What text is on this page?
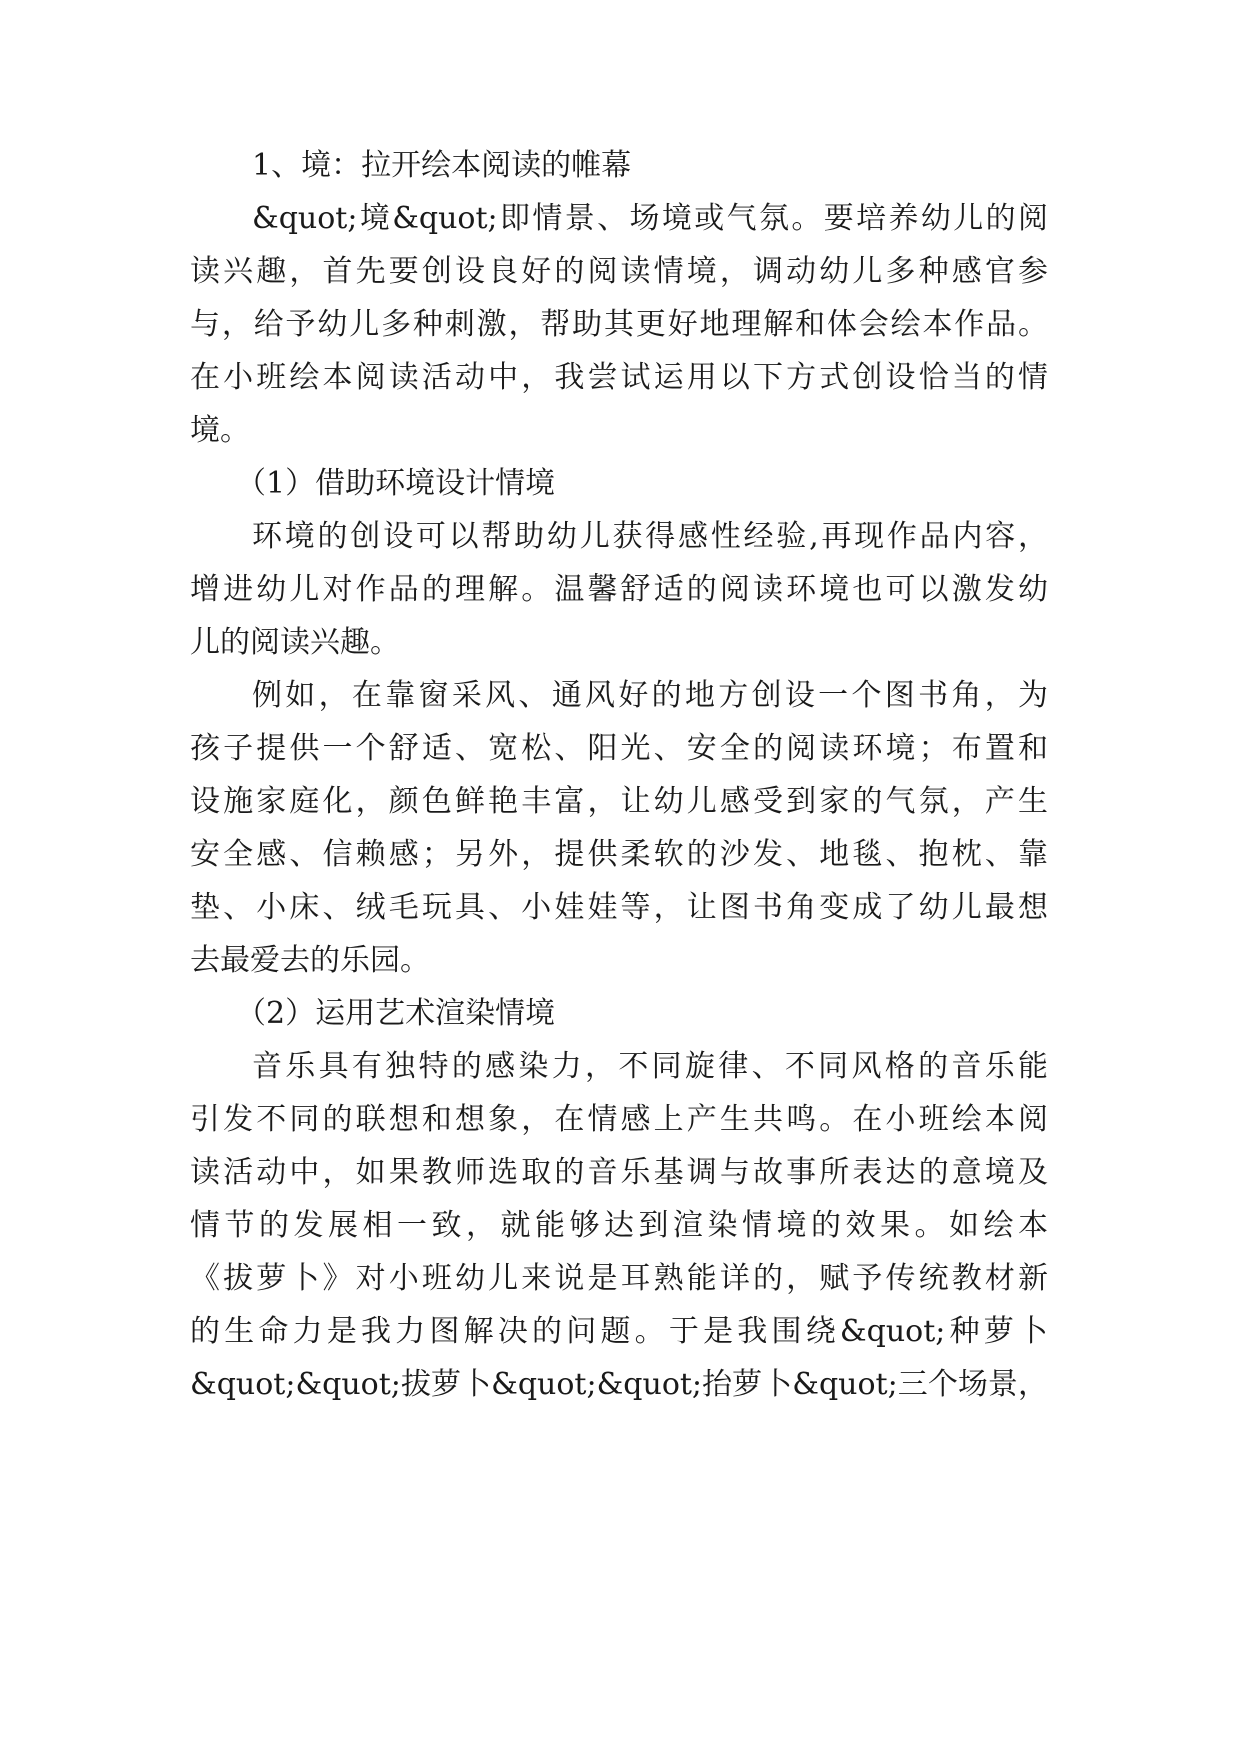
1、境：拉开绘本阅读的帷幕
&quot;境&quot;即情景、场境或气氛。要培养幼儿的阅
读兴趣，首先要创设良好的阅读情境，调动幼儿多种感官参
与，给予幼儿多种刺激，帮助其更好地理解和体会绘本作品。
在小班绘本阅读活动中，我尝试运用以下方式创设恰当的情
境。
（1）借助环境设计情境
环境的创设可以帮助幼儿获得感性经验,再现作品内容，
增进幼儿对作品的理解。温馨舒适的阅读环境也可以激发幼
儿的阅读兴趣。
例如，在靠窗采风、通风好的地方创设一个图书角，为
孩子提供一个舒适、宽松、阳光、安全的阅读环境；布置和
设施家庭化，颜色鲜艳丰富，让幼儿感受到家的气氛，产生
安全感、信赖感；另外，提供柔软的沙发、地毯、抱枕、靠
垫、小床、绒毛玩具、小娃娃等，让图书角变成了幼儿最想
去最爱去的乐园。
（2）运用艺术渲染情境
音乐具有独特的感染力，不同旋律、不同风格的音乐能
引发不同的联想和想象，在情感上产生共鸣。在小班绘本阅
读活动中，如果教师选取的音乐基调与故事所表达的意境及
情节的发展相一致，就能够达到渲染情境的效果。如绘本
《拔萝卜》对小班幼儿来说是耳熟能详的，赋予传统教材新
的生命力是我力图解决的问题。于是我围绕&quot;种萝卜
&quot;&quot;拔萝卜&quot;&quot;抬萝卜&quot;三个场景，
